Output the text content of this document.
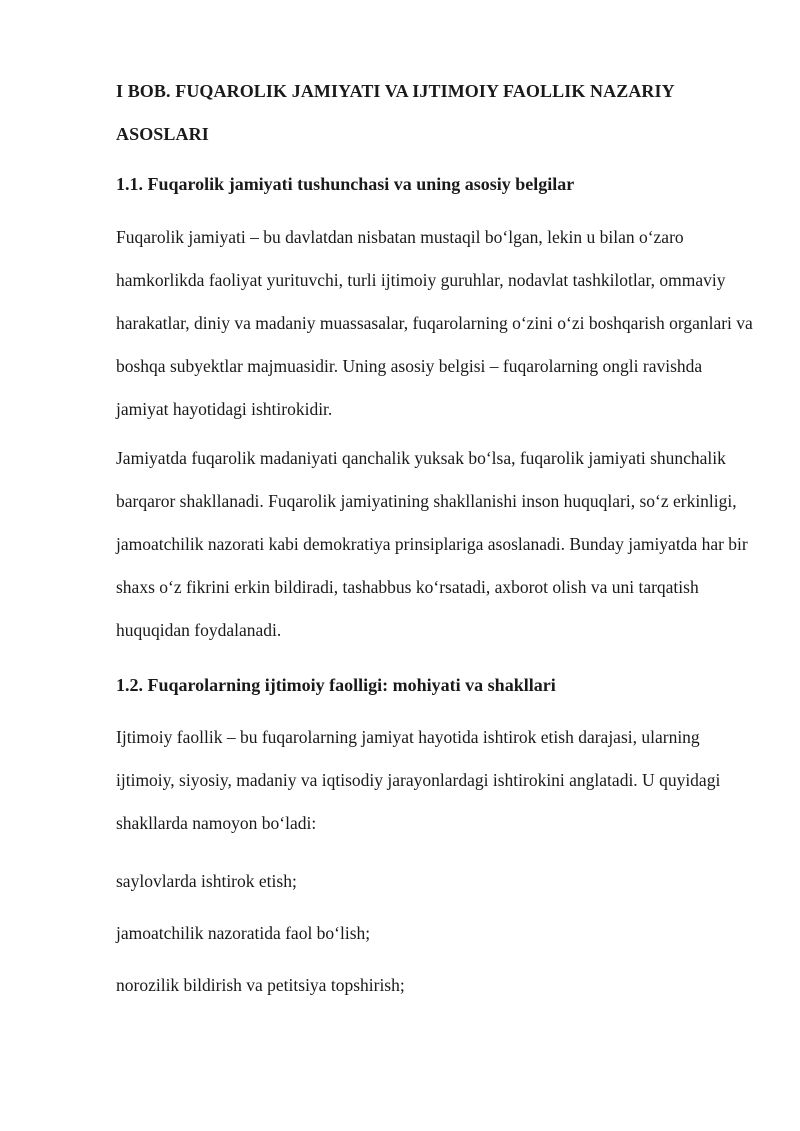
I BOB. FUQAROLIK JAMIYATI VA IJTIMOIY FAOLLIK NAZARIY ASOSLARI
1.1. Fuqarolik jamiyati tushunchasi va uning asosiy belgilar

Fuqarolik jamiyati – bu davlatdan nisbatan mustaqil bo‘lgan, lekin u bilan o‘zaro hamkorlikda faoliyat yurituvchi, turli ijtimoiy guruhlar, nodavlat tashkilotlar, ommaviy harakatlar, diniy va madaniy muassasalar, fuqarolarning o‘zini o‘zi boshqarish organlari va boshqa subyektlar majmuasidir. Uning asosiy belgisi – fuqarolarning ongli ravishda jamiyat hayotidagi ishtirokidir.

Jamiyatda fuqarolik madaniyati qanchalik yuksak bo‘lsa, fuqarolik jamiyati shunchalik barqaror shakllanadi. Fuqarolik jamiyatining shakllanishi inson huquqlari, so‘z erkinligi, jamoatchilik nazorati kabi demokratiya prinsiplariga asoslanadi. Bunday jamiyatda har bir shaxs o‘z fikrini erkin bildiradi, tashabbus ko‘rsatadi, axborot olish va uni tarqatish huquqidan foydalanadi.

1.2. Fuqarolarning ijtimoiy faolligi: mohiyati va shakllari

Ijtimoiy faollik – bu fuqarolarning jamiyat hayotida ishtirok etish darajasi, ularning ijtimoiy, siyosiy, madaniy va iqtisodiy jarayonlardagi ishtirokini anglatadi. U quyidagi shakllarda namoyon bo‘ladi:

saylovlarda ishtirok etish;

jamoatchilik nazoratida faol bo‘lish;

norozilik bildirish va petitsiya topshirish;
